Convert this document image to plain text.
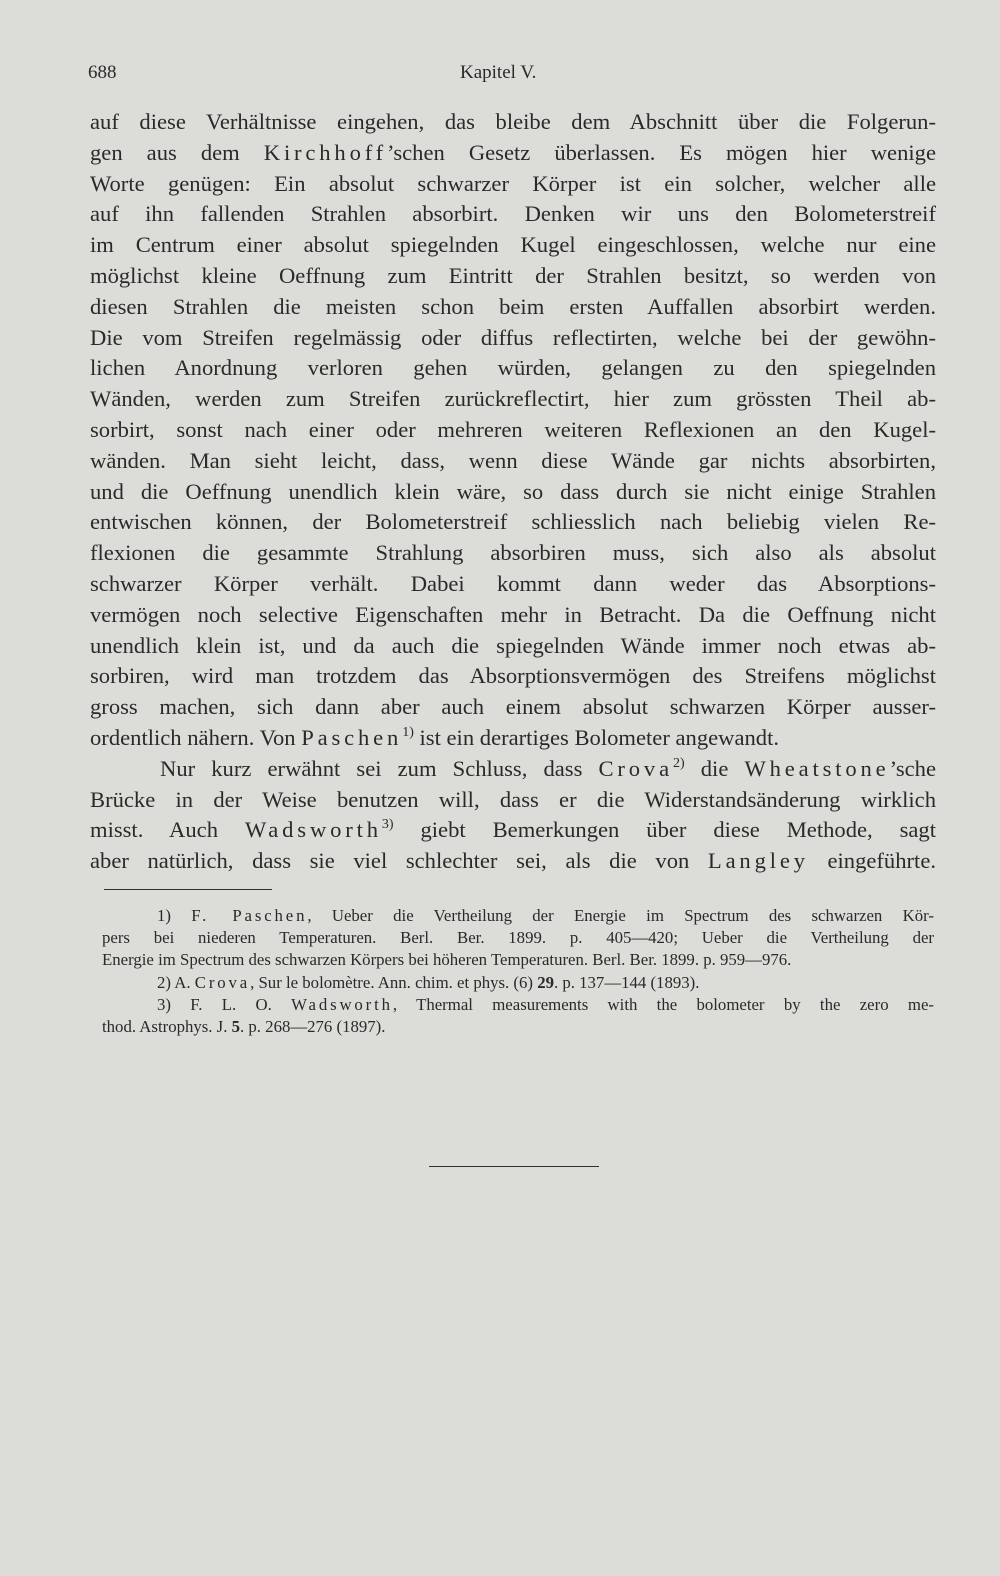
688	Kapitel V.
auf diese Verhältnisse eingehen, das bleibe dem Abschnitt über die Folgerun-
gen aus dem Kirchhoff’schen Gesetz überlassen. Es mögen hier wenige
Worte genügen: Ein absolut schwarzer Körper ist ein solcher, welcher alle
auf ihn fallenden Strahlen absorbirt. Denken wir uns den Bolometerstreif
im Centrum einer absolut spiegelnden Kugel eingeschlossen, welche nur eine
möglichst kleine Oeffnung zum Eintritt der Strahlen besitzt, so werden von
diesen Strahlen die meisten schon beim ersten Auffallen absorbirt werden.
Die vom Streifen regelmässig oder diffus reflectirten, welche bei der gewöhn-
lichen Anordnung verloren gehen würden, gelangen zu den spiegelnden
Wänden, werden zum Streifen zurückreflectirt, hier zum grössten Theil ab-
sorbirt, sonst nach einer oder mehreren weiteren Reflexionen an den Kugel-
wänden. Man sieht leicht, dass, wenn diese Wände gar nichts absorbirten,
und die Oeffnung unendlich klein wäre, so dass durch sie nicht einige Strahlen
entwischen können, der Bolometerstreif schliesslich nach beliebig vielen Re-
flexionen die gesammte Strahlung absorbiren muss, sich also als absolut
schwarzer Körper verhält. Dabei kommt dann weder das Absorptions-
vermögen noch selective Eigenschaften mehr in Betracht. Da die Oeffnung nicht
unendlich klein ist, und da auch die spiegelnden Wände immer noch etwas ab-
sorbiren, wird man trotzdem das Absorptionsvermögen des Streifens möglichst
gross machen, sich dann aber auch einem absolut schwarzen Körper ausser-
ordentlich nähern. Von Paschen$^{1)}$ ist ein derartiges Bolometer angewandt.
Nur kurz erwähnt sei zum Schluss, dass Crova$^{2)}$ die Wheatstone’sche
Brücke in der Weise benutzen will, dass er die Widerstandsänderung wirklich
misst. Auch Wadsworth$^{3)}$ giebt Bemerkungen über diese Methode, sagt
aber natürlich, dass sie viel schlechter sei, als die von Langley eingeführte.
1) F. Paschen, Ueber die Vertheilung der Energie im Spectrum des schwarzen Kör-
pers bei niederen Temperaturen. Berl. Ber. 1899. p. 405—420; Ueber die Vertheilung der
Energie im Spectrum des schwarzen Körpers bei höheren Temperaturen. Berl. Ber. 1899. p. 959—976.
2) A. Crova, Sur le bolomètre. Ann. chim. et phys. (6) 29. p. 137—144 (1893).
3) F. L. O. Wadsworth, Thermal measurements with the bolometer by the zero me-
thod. Astrophys. J. 5. p. 268—276 (1897).
